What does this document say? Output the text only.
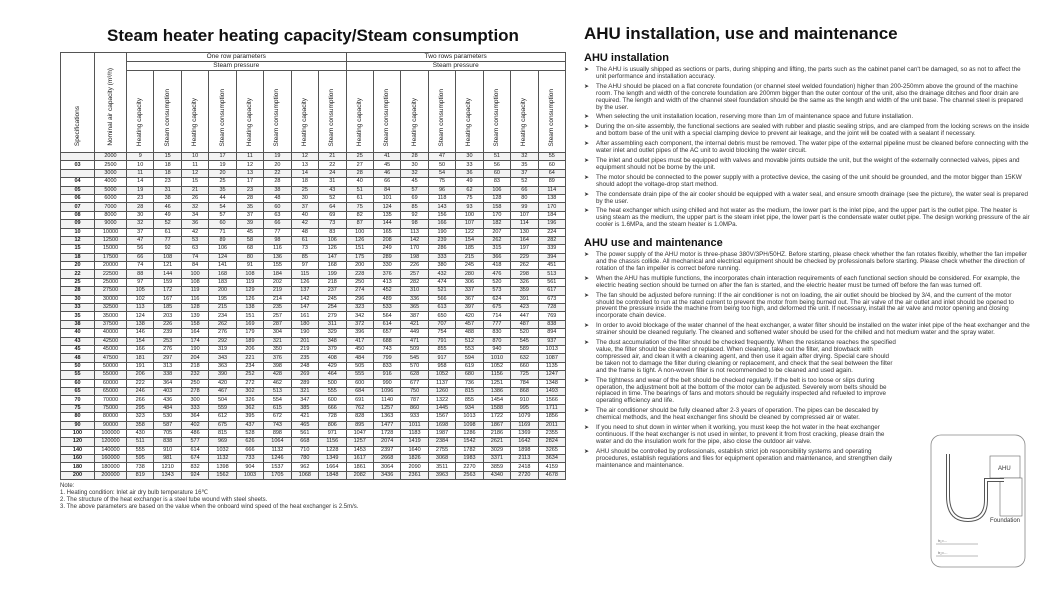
Steam heater heating capacity/Steam consumption
Specifications	Nominal air capacity (m³/h)	One row parameters								Two rows parameters							
		Steam pressure								Steam pressure							
		Heating capacity	Steam consumption	Heating capacity	Steam consumption	Heating capacity	Steam consumption	Heating capacity	Steam consumption	Heating capacity	Steam consumption	Heating capacity	Steam consumption	Heating capacity	Steam consumption	Heating capacity	Steam consumption
	2000	9	15	10	17	11	19	12	21	25	41	28	47	30	51	32	55
03	2500	10	18	11	19	12	20	13	22	27	45	30	50	33	56	35	60
	3000	11	18	12	20	13	22	14	24	28	46	32	54	36	60	37	64
04	4000	14	23	15	25	17	28	18	31	40	66	45	75	49	83	52	89
05	5000	19	31	21	35	23	38	25	43	51	84	57	96	62	106	66	114
06	6000	23	38	26	44	28	48	30	52	61	101	69	118	75	128	80	138
07	7000	28	46	32	54	35	60	37	64	75	124	85	143	93	158	99	170
08	8000	30	49	34	57	37	63	40	69	82	135	92	156	100	170	107	184
09	9000	32	52	36	60	39	66	42	73	87	144	98	166	107	182	114	196
10	10000	37	61	42	71	45	77	48	83	100	165	113	190	122	207	130	224
12	12500	47	77	53	89	58	98	61	106	126	208	142	239	154	262	164	282
15	15000	56	92	63	106	68	116	73	126	151	249	170	286	185	315	197	339
18	17500	66	108	74	124	80	136	85	147	175	289	198	333	215	366	229	394
20	20000	74	121	84	141	91	155	97	168	200	330	226	380	245	418	262	451
22	22500	88	144	100	168	108	184	115	199	228	376	257	432	280	476	298	513
25	25000	97	159	108	183	119	202	126	218	250	413	282	474	306	520	326	561
28	27500	105	172	119	200	129	219	137	237	274	452	310	521	337	573	359	617
30	30000	102	167	116	195	126	214	142	245	296	489	336	566	367	624	391	673
33	32500	113	185	128	215	138	235	147	254	323	533	365	613	397	675	423	728
35	35000	124	203	139	234	151	257	161	279	342	564	387	650	420	714	447	769
38	37500	138	226	158	262	169	287	180	311	372	614	421	707	457	777	487	838
40	40000	146	239	164	276	179	304	190	329	396	657	449	754	488	830	520	894
43	42500	154	253	174	292	189	321	201	348	417	688	471	791	512	870	545	937
45	45000	166	276	190	319	206	350	219	379	450	743	509	855	553	940	589	1013
48	47500	181	297	204	343	221	376	235	408	484	799	545	917	594	1010	632	1087
50	50000	191	313	218	363	234	398	248	429	505	833	570	958	619	1052	660	1135
55	55000	206	338	232	390	252	428	269	464	555	916	628	1052	680	1156	725	1247
60	60000	222	364	250	420	272	462	289	500	600	990	677	1137	736	1251	784	1348
65	65000	246	403	278	467	302	513	321	555	684	1096	750	1260	815	1386	868	1493
70	70000	266	436	300	504	326	554	347	600	691	1140	787	1322	855	1454	910	1566
75	75000	295	484	333	559	362	615	385	666	762	1257	860	1445	934	1588	995	1711
80	80000	323	530	364	612	395	672	421	728	828	1363	933	1567	1013	1722	1079	1856
90	90000	358	587	402	675	437	743	465	806	895	1477	1011	1698	1098	1867	1169	2011
100	100000	430	705	486	815	528	898	561	971	1047	1728	1183	1987	1286	2186	1369	2355
120	120000	511	838	577	969	626	1064	668	1156	1257	2074	1419	2384	1542	2621	1642	2824
140	140000	555	910	614	1032	666	1132	710	1228	1453	2397	1640	2755	1782	3029	1898	3265
160	160000	595	981	674	1132	733	1246	780	1349	1617	2668	1826	3068	1983	3371	2113	3634
180	180000	738	1210	832	1398	904	1537	962	1664	1861	3064	2090	3511	2270	3859	2418	4159
200	200000	819	1343	924	1562	1003	1705	1068	1848	2082	3436	2361	3963	2563	4340	2720	4678
Note:
1. Heating condition: Inlet air dry bulb temperature 16℃
2. The structure of the heat exchanger is a steel tube wound with steel sheets.
3. The above parameters are based on the value when the onboard wind speed of the heat exchanger is 2.5m/s.
AHU installation, use and maintenance
AHU installation
➤ The AHU is usually shipped as sections or parts, during shipping and lifting, the parts such as the cabinet panel can't be damaged, so as not to affect the unit performance and installation accuracy.
➤ The AHU should be placed on a flat concrete foundation (or channel steel welded foundation) higher than 200-250mm above the ground of the machine room. The length and width of the concrete foundation are 200mm bigger than the outer contour of the unit, also the drainage ditches and floor drain are required. The length and width of the channel steel foundation should be the same as the length and width of the unit base. The channel steel is prepared by the user.
➤ When selecting the unit installation location, reserving more than 1m of maintenance space and future installation.
➤ During the on-site assembly, the functional sections are sealed with rubber and plastic sealing strips, and are clamped from the locking screws on the inside and bottom base of the unit with a special clamping device to prevent air leakage, and the joint will be coated with a sealant if necessary.
➤ After assembling each component, the internal debris must be removed. The water pipe of the external pipeline must be cleaned before connecting with the water inlet and outlet pipes of the AC unit to avoid blocking the water circuit.
➤ The inlet and outlet pipes must be equipped with valves and movable joints outside the unit, but the weight of the externally connected valves, pipes and equipment should not be borne by the unit.
➤ The motor should be connected to the power supply with a protective device, the casing of the unit should be grounded, and the motor bigger than 15KW should adopt the voltage-drop start method.
➤ The condensate drain pipe of the air cooler should be equipped with a water seal, and ensure smooth drainage (see the picture), the water seal is prepared by the user.
➤ The heat exchanger which using chilled and hot water as the medium, the lower part is the inlet pipe, and the upper part is the outlet pipe. The heater is using steam as the medium, the upper part is the steam inlet pipe, the lower part is the condensate water outlet pipe. The design working pressure of the air cooler is 1.6MPa, and the steam heater is 1.0MPa.
AHU use and maintenance
➤ The power supply of the AHU motor is three-phase 380V/3PH/50HZ. Before starting, please check whether the fan rotates flexibly, whether the fan impeller and the chassis collide. All mechanical and electrical equipment should be checked by professionals before starting. Please check whether the direction of rotation of the fan impeller is correct before running.
➤ When the AHU has multiple functions, the incorporates chain interaction requirements of each functional section should be considered. For example, the electric heating section should be turned on after the fan is started, and the electric heater must be turned off before the fan was turned off.
➤ The fan should be adjusted before running: If the air conditioner is not on loading, the air outlet should be blocked by 3/4, and the current of the motor should be controlled to run at the rated current to prevent the motor from being burned out. The air valve of the air outlet and inlet should be opened to prevent the pressure inside the machine from being too high, and deformed the unit. If necessary, install the air valve and motor opening and closing incorporate chain device.
➤ In order to avoid blockage of the water channel of the heat exchanger, a water filter should be installed on the water inlet pipe of the heat exchanger and the strainer should be cleaned regularly. The cleaned and softened water should be used for the chilled and hot medium water and the spray water.
➤ The dust accumulation of the filter should be checked frequently. When the resistance reaches the specified value, the filter should be cleaned or replaced. When cleaning, take out the filter, and blowback with compressed air, and clean it with a cleaning agent, and then use it again after drying. Special care should be taken not to damage the filter during cleaning or replacement, and check that the seal between the filter and the frame is tight. A non-woven filter is not recommended to be cleaned and used again.
➤ The tightness and wear of the belt should be checked regularly. If the belt is too loose or slips during operation, the adjustment bolt at the bottom of the motor can be adjusted. Severely worn belts should be replaced in time. The bearings of fans and motors should be regularly inspected and refueled to improve operating efficiency and life.
➤ The air conditioner should be fully cleaned after 2-3 years of operation. The pipes can be descaled by chemical methods, and the heat exchanger fins should be cleaned by compressed air or water.
➤ If you need to shut down in winter when it working, you must keep the hot water in the heat exchanger continuous. If the heat exchanger is not used in winter, to prevent it from frost cracking, please drain the water and do the insulation work for the pipe, also close the outdoor air valve.
➤ AHU should be controlled by professionals, establish strict job responsibility systems and operating procedures, establish regulations and files for equipment operation and maintenance, and strengthen daily maintenance and maintenance.
AHU
Foundation
h₁=...
h₂=...
